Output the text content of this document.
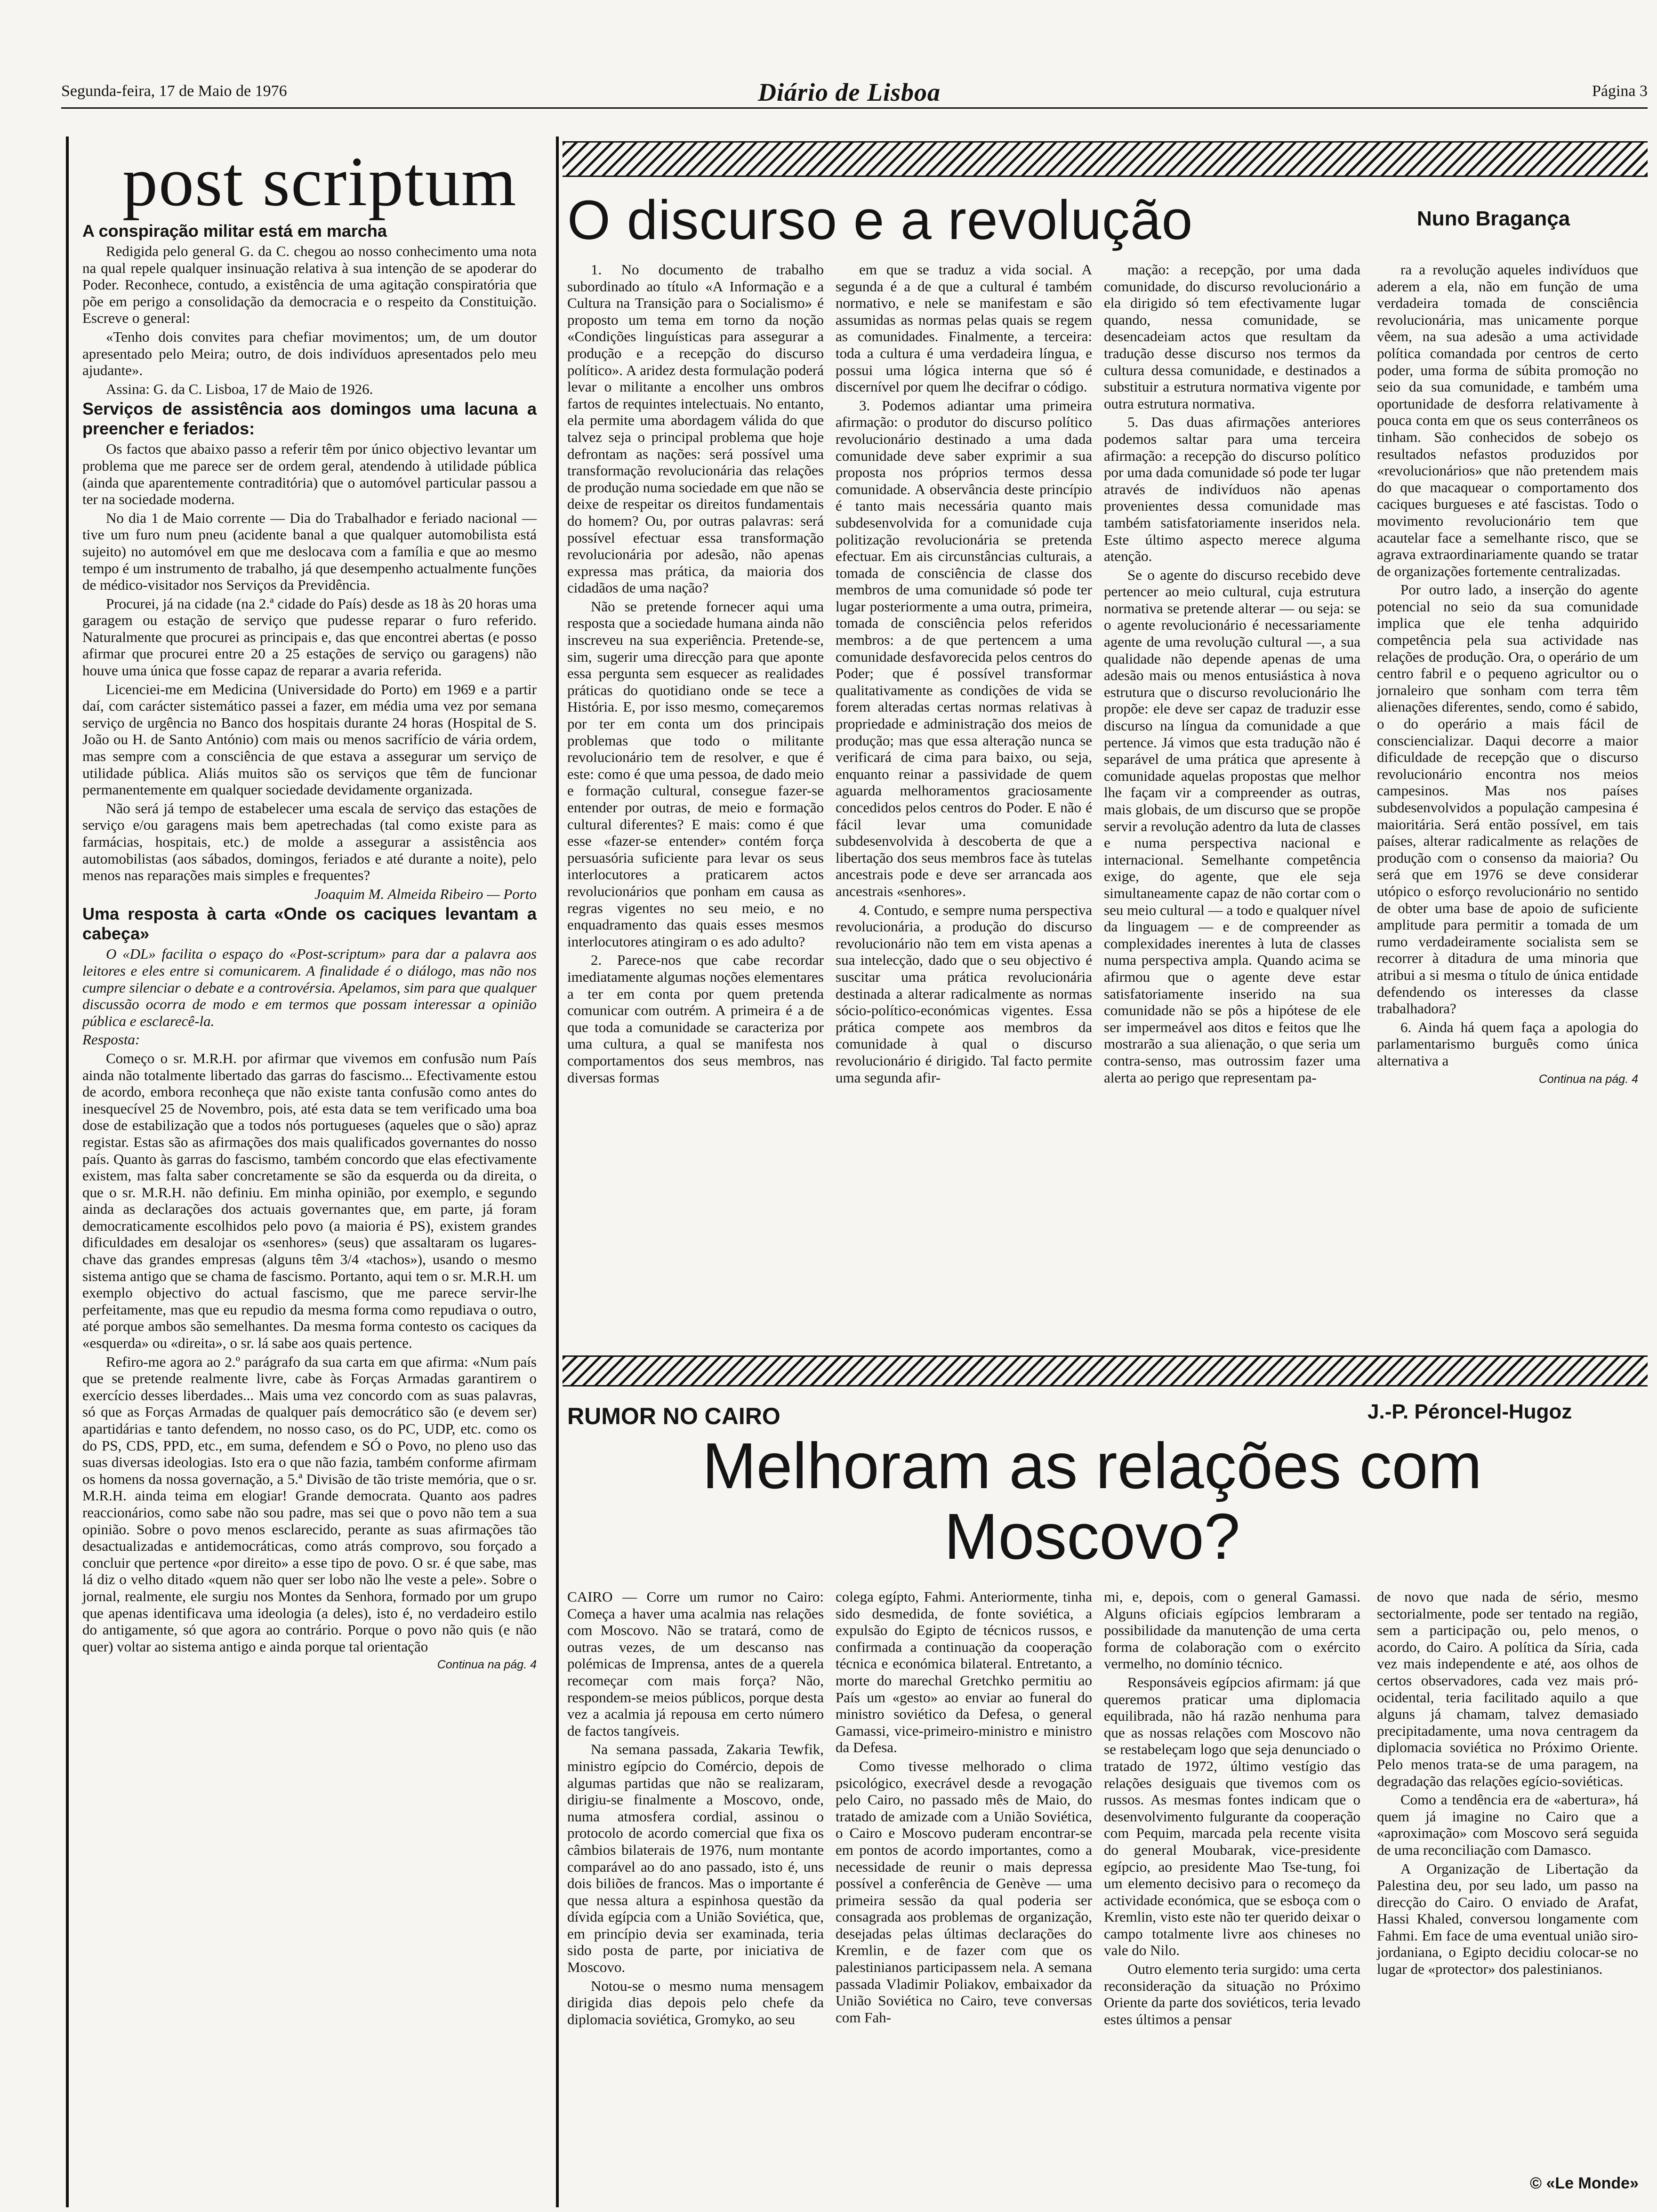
Segunda-feira, 17 de Maio de 1976	Diário de Lisboa	Página 3
post scriptum

A conspiração militar está em marcha

Redigida pelo general G. da C. chegou ao nosso conhecimento uma nota na qual repele qualquer insinuação relativa à sua intenção de se apoderar do Poder. Reconhece, contudo, a existência de uma agitação conspiratória que põe em perigo a consolidação da democracia e o respeito da Constituição. Escreve o general:

«Tenho dois convites para chefiar movimentos; um, de um doutor apresentado pelo Meira; outro, de dois indivíduos apresentados pelo meu ajudante».

Assina: G. da C. Lisboa, 17 de Maio de 1926.

Serviços de assistência aos domingos uma lacuna a preencher e feriados:

Os factos que abaixo passo a referir têm por único objectivo levantar um problema que me parece ser de ordem geral, atendendo à utilidade pública (ainda que aparentemente contraditória) que o automóvel particular passou a ter na sociedade moderna.

No dia 1 de Maio corrente — Dia do Trabalhador e feriado nacional — tive um furo num pneu (acidente banal a que qualquer automobilista está sujeito) no automóvel em que me deslocava com a família e que ao mesmo tempo é um instrumento de trabalho, já que desempenho actualmente funções de médico-visitador nos Serviços da Previdência.

Procurei, já na cidade (na 2.ª cidade do País) desde as 18 às 20 horas uma garagem ou estação de serviço que pudesse reparar o furo referido. Naturalmente que procurei as principais e, das que encontrei abertas (e posso afirmar que procurei entre 20 a 25 estações de serviço ou garagens) não houve uma única que fosse capaz de reparar a avaria referida.

Licenciei-me em Medicina (Universidade do Porto) em 1969 e a partir daí, com carácter sistemático passei a fazer, em média uma vez por semana serviço de urgência no Banco dos hospitais durante 24 horas (Hospital de S. João ou H. de Santo António) com mais ou menos sacrifício de vária ordem, mas sempre com a consciência de que estava a assegurar um serviço de utilidade pública. Aliás muitos são os serviços que têm de funcionar permanentemente em qualquer sociedade devidamente organizada.

Não será já tempo de estabelecer uma escala de serviço das estações de serviço e/ou garagens mais bem apetrechadas (tal como existe para as farmácias, hospitais, etc.) de molde a assegurar a assistência aos automobilistas (aos sábados, domingos, feriados e até durante a noite), pelo menos nas reparações mais simples e frequentes?

Joaquim M. Almeida Ribeiro — Porto

Uma resposta à carta «Onde os caciques levantam a cabeça»

O «DL» facilita o espaço do «Post-scriptum» para dar a palavra aos leitores e eles entre si comunicarem. A finalidade é o diálogo, mas não nos cumpre silenciar o debate e a controvérsia. Apelamos, sim para que qualquer discussão ocorra de modo e em termos que possam interessar a opinião pública e esclarecê-la.

Resposta:

Começo o sr. M.R.H. por afirmar que vivemos em confusão num País ainda não totalmente libertado das garras do fascismo... Efectivamente estou de acordo, embora reconheça que não existe tanta confusão como antes do inesquecível 25 de Novembro, pois, até esta data se tem verificado uma boa dose de estabilização que a todos nós portugueses (aqueles que o são) apraz registar. Estas são as afirmações dos mais qualificados governantes do nosso país. Quanto às garras do fascismo, também concordo que elas efectivamente existem, mas falta saber concretamente se são da esquerda ou da direita, o que o sr. M.R.H. não definiu. Em minha opinião, por exemplo, e segundo ainda as declarações dos actuais governantes que, em parte, já foram democraticamente escolhidos pelo povo (a maioria é PS), existem grandes dificuldades em desalojar os «senhores» (seus) que assaltaram os lugares-chave das grandes empresas (alguns têm 3/4 «tachos»), usando o mesmo sistema antigo que se chama de fascismo. Portanto, aqui tem o sr. M.R.H. um exemplo objectivo do actual fascismo, que me parece servir-lhe perfeitamente, mas que eu repudio da mesma forma como repudiava o outro, até porque ambos são semelhantes. Da mesma forma contesto os caciques da «esquerda» ou «direita», o sr. lá sabe aos quais pertence.

Refiro-me agora ao 2.º parágrafo da sua carta em que afirma: «Num país que se pretende realmente livre, cabe às Forças Armadas garantirem o exercício desses liberdades... Mais uma vez concordo com as suas palavras, só que as Forças Armadas de qualquer país democrático são (e devem ser) apartidárias e tanto defendem, no nosso caso, os do PC, UDP, etc. como os do PS, CDS, PPD, etc., em suma, defendem e SÓ o Povo, no pleno uso das suas diversas ideologias. Isto era o que não fazia, também conforme afirmam os homens da nossa governação, a 5.ª Divisão de tão triste memória, que o sr. M.R.H. ainda teima em elogiar! Grande democrata. Quanto aos padres reaccionários, como sabe não sou padre, mas sei que o povo não tem a sua opinião. Sobre o povo menos esclarecido, perante as suas afirmações tão desactualizadas e antidemocráticas, como atrás comprovo, sou forçado a concluir que pertence «por direito» a esse tipo de povo. O sr. é que sabe, mas lá diz o velho ditado «quem não quer ser lobo não lhe veste a pele». Sobre o jornal, realmente, ele surgiu nos Montes da Senhora, formado por um grupo que apenas identificava uma ideologia (a deles), isto é, no verdadeiro estilo do antigamente, só que agora ao contrário. Porque o povo não quis (e não quer) voltar ao sistema antigo e ainda porque tal orientação

Continua na pág. 4

O discurso e a revolução	Nuno Bragança

1. No documento de trabalho subordinado ao título «A Informação e a Cultura na Transição para o Socialismo» é proposto um tema em torno da noção «Condições linguísticas para assegurar a produção e a recepção do discurso político». A aridez desta formulação poderá levar o militante a encolher uns ombros fartos de requintes intelectuais. No entanto, ela permite uma abordagem válida do que talvez seja o principal problema que hoje defrontam as nações: será possível uma transformação revolucionária das relações de produção numa sociedade em que não se deixe de respeitar os direitos fundamentais do homem? Ou, por outras palavras: será possível efectuar essa transformação revolucionária por adesão, não apenas expressa mas prática, da maioria dos cidadãos de uma nação?

Não se pretende fornecer aqui uma resposta que a sociedade humana ainda não inscreveu na sua experiência. Pretende-se, sim, sugerir uma direcção para que aponte essa pergunta sem esquecer as realidades práticas do quotidiano onde se tece a História. E, por isso mesmo, começaremos por ter em conta um dos principais problemas que todo o militante revolucionário tem de resolver, e que é este: como é que uma pessoa, de dado meio e formação cultural, consegue fazer-se entender por outras, de meio e formação cultural diferentes? E mais: como é que esse «fazer-se entender» contém força persuasória suficiente para levar os seus interlocutores a praticarem actos revolucionários que ponham em causa as regras vigentes no seu meio, e no enquadramento das quais esses mesmos interlocutores atingiram o es ado adulto?

2. Parece-nos que cabe recordar imediatamente algumas noções elementares a ter em conta por quem pretenda comunicar com outrém. A primeira é a de que toda a comunidade se caracteriza por uma cultura, a qual se manifesta nos comportamentos dos seus membros, nas diversas formas

em que se traduz a vida social. A segunda é a de que a cultural é também normativo, e nele se manifestam e são assumidas as normas pelas quais se regem as comunidades. Finalmente, a terceira: toda a cultura é uma verdadeira língua, e possui uma lógica interna que só é discernível por quem lhe decifrar o código.

3. Podemos adiantar uma primeira afirmação: o produtor do discurso político revolucionário destinado a uma dada comunidade deve saber exprimir a sua proposta nos próprios termos dessa comunidade. A observância deste princípio é tanto mais necessária quanto mais subdesenvolvida for a comunidade cuja politização revolucionária se pretenda efectuar. Em ais circunstâncias culturais, a tomada de consciência de classe dos membros de uma comunidade só pode ter lugar posteriormente a uma outra, primeira, tomada de consciência pelos referidos membros: a de que pertencem a uma comunidade desfavorecida pelos centros do Poder; que é possível transformar qualitativamente as condições de vida se forem alteradas certas normas relativas à propriedade e administração dos meios de produção; mas que essa alteração nunca se verificará de cima para baixo, ou seja, enquanto reinar a passividade de quem aguarda melhoramentos graciosamente concedidos pelos centros do Poder. E não é fácil levar uma comunidade subdesenvolvida à descoberta de que a libertação dos seus membros face às tutelas ancestrais pode e deve ser arrancada aos ancestrais «senhores».

4. Contudo, e sempre numa perspectiva revolucionária, a produção do discurso revolucionário não tem em vista apenas a sua intelecção, dado que o seu objectivo é suscitar uma prática revolucionária destinada a alterar radicalmente as normas sócio-político-económicas vigentes. Essa prática compete aos membros da comunidade à qual o discurso revolucionário é dirigido. Tal facto permite uma segunda afir-

mação: a recepção, por uma dada comunidade, do discurso revolucionário a ela dirigido só tem efectivamente lugar quando, nessa comunidade, se desencadeiam actos que resultam da tradução desse discurso nos termos da cultura dessa comunidade, e destinados a substituir a estrutura normativa vigente por outra estrutura normativa.

5. Das duas afirmações anteriores podemos saltar para uma terceira afirmação: a recepção do discurso político por uma dada comunidade só pode ter lugar através de indivíduos não apenas provenientes dessa comunidade mas também satisfatoriamente inseridos nela. Este último aspecto merece alguma atenção.

Se o agente do discurso recebido deve pertencer ao meio cultural, cuja estrutura normativa se pretende alterar — ou seja: se o agente revolucionário é necessariamente agente de uma revolução cultural —, a sua qualidade não depende apenas de uma adesão mais ou menos entusiástica à nova estrutura que o discurso revolucionário lhe propõe: ele deve ser capaz de traduzir esse discurso na língua da comunidade a que pertence. Já vimos que esta tradução não é separável de uma prática que apresente à comunidade aquelas propostas que melhor lhe façam vir a compreender as outras, mais globais, de um discurso que se propõe servir a revolução adentro da luta de classes e numa perspectiva nacional e internacional. Semelhante competência exige, do agente, que ele seja simultaneamente capaz de não cortar com o seu meio cultural — a todo e qualquer nível da linguagem — e de compreender as complexidades inerentes à luta de classes numa perspectiva ampla. Quando acima se afirmou que o agente deve estar satisfatoriamente inserido na sua comunidade não se pôs a hipótese de ele ser impermeável aos ditos e feitos que lhe mostrarão a sua alienação, o que seria um contra-senso, mas outrossim fazer uma alerta ao perigo que representam pa-

ra a revolução aqueles indivíduos que aderem a ela, não em função de uma verdadeira tomada de consciência revolucionária, mas unicamente porque vêem, na sua adesão a uma actividade política comandada por centros de certo poder, uma forma de súbita promoção no seio da sua comunidade, e também uma oportunidade de desforra relativamente à pouca conta em que os seus conterrâneos os tinham. São conhecidos de sobejo os resultados nefastos produzidos por «revolucionários» que não pretendem mais do que macaquear o comportamento dos caciques burgueses e até fascistas. Todo o movimento revolucionário tem que acautelar face a semelhante risco, que se agrava extraordinariamente quando se tratar de organizações fortemente centralizadas.

Por outro lado, a inserção do agente potencial no seio da sua comunidade implica que ele tenha adquirido competência pela sua actividade nas relações de produção. Ora, o operário de um centro fabril e o pequeno agricultor ou o jornaleiro que sonham com terra têm alienações diferentes, sendo, como é sabido, o do operário a mais fácil de consciencializar. Daqui decorre a maior dificuldade de recepção que o discurso revolucionário encontra nos meios campesinos. Mas nos países subdesenvolvidos a população campesina é maioritária. Será então possível, em tais países, alterar radicalmente as relações de produção com o consenso da maioria? Ou será que em 1976 se deve considerar utópico o esforço revolucionário no sentido de obter uma base de apoio de suficiente amplitude para permitir a tomada de um rumo verdadeiramente socialista sem se recorrer à ditadura de uma minoria que atribui a si mesma o título de única entidade defendendo os interesses da classe trabalhadora?

6. Ainda há quem faça a apologia do parlamentarismo burguês como única alternativa a

Continua na pág. 4

RUMOR NO CAIRO	J.-P. Péroncel-Hugoz
Melhoram as relações com Moscovo?

CAIRO — Corre um rumor no Cairo: Começa a haver uma acalmia nas relações com Moscovo. Não se tratará, como de outras vezes, de um descanso nas polémicas de Imprensa, antes de a querela recomeçar com mais força? Não, respondem-se meios públicos, porque desta vez a acalmia já repousa em certo número de factos tangíveis.

Na semana passada, Zakaria Tewfik, ministro egípcio do Comércio, depois de algumas partidas que não se realizaram, dirigiu-se finalmente a Moscovo, onde, numa atmosfera cordial, assinou o protocolo de acordo comercial que fixa os câmbios bilaterais de 1976, num montante comparável ao do ano passado, isto é, uns dois biliões de francos. Mas o importante é que nessa altura a espinhosa questão da dívida egípcia com a União Soviética, que, em princípio devia ser examinada, teria sido posta de parte, por iniciativa de Moscovo.

Notou-se o mesmo numa mensagem dirigida dias depois pelo chefe da diplomacia soviética, Gromyko, ao seu

colega egípto, Fahmi. Anteriormente, tinha sido desmedida, de fonte soviética, a expulsão do Egipto de técnicos russos, e confirmada a continuação da cooperação técnica e económica bilateral. Entretanto, a morte do marechal Gretchko permitiu ao País um «gesto» ao enviar ao funeral do ministro soviético da Defesa, o general Gamassi, vice-primeiro-ministro e ministro da Defesa.

Como tivesse melhorado o clima psicológico, execrável desde a revogação pelo Cairo, no passado mês de Maio, do tratado de amizade com a União Soviética, o Cairo e Moscovo puderam encontrar-se em pontos de acordo importantes, como a necessidade de reunir o mais depressa possível a conferência de Genève — uma primeira sessão da qual poderia ser consagrada aos problemas de organização, desejadas pelas últimas declarações do Kremlin, e de fazer com que os palestinianos participassem nela. A semana passada Vladimir Poliakov, embaixador da União Soviética no Cairo, teve conversas com Fah-

mi, e, depois, com o general Gamassi. Alguns oficiais egípcios lembraram a possibilidade da manutenção de uma certa forma de colaboração com o exército vermelho, no domínio técnico.

Responsáveis egípcios afirmam: já que queremos praticar uma diplomacia equilibrada, não há razão nenhuma para que as nossas relações com Moscovo não se restabeleçam logo que seja denunciado o tratado de 1972, último vestígio das relações desiguais que tivemos com os russos. As mesmas fontes indicam que o desenvolvimento fulgurante da cooperação com Pequim, marcada pela recente visita do general Moubarak, vice-presidente egípcio, ao presidente Mao Tse-tung, foi um elemento decisivo para o recomeço da actividade económica, que se esboça com o Kremlin, visto este não ter querido deixar o campo totalmente livre aos chineses no vale do Nilo.

Outro elemento teria surgido: uma certa reconsideração da situação no Próximo Oriente da parte dos soviéticos, teria levado estes últimos a pensar

de novo que nada de sério, mesmo sectorialmente, pode ser tentado na região, sem a participação ou, pelo menos, o acordo, do Cairo. A política da Síria, cada vez mais independente e até, aos olhos de certos observadores, cada vez mais pró-ocidental, teria facilitado aquilo a que alguns já chamam, talvez demasiado precipitadamente, uma nova centragem da diplomacia soviética no Próximo Oriente. Pelo menos trata-se de uma paragem, na degradação das relações egício-soviéticas.

Como a tendência era de «abertura», há quem já imagine no Cairo que a «aproximação» com Moscovo será seguida de uma reconciliação com Damasco.

A Organização de Libertação da Palestina deu, por seu lado, um passo na direcção do Cairo. O enviado de Arafat, Hassi Khaled, conversou longamente com Fahmi. Em face de uma eventual união siro-jordaniana, o Egipto decidiu colocar-se no lugar de «protector» dos palestinianos.

© «Le Monde»
